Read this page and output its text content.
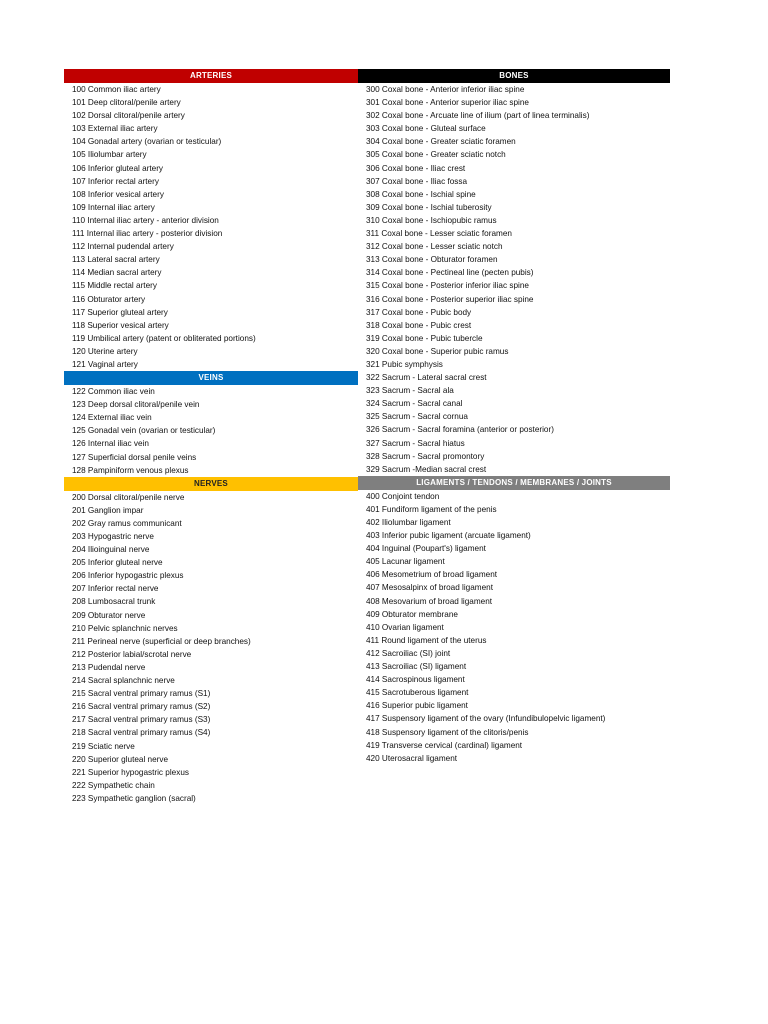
ARTERIES
100 Common iliac artery
101 Deep clitoral/penile artery
102 Dorsal clitoral/penile artery
103 External iliac artery
104 Gonadal artery (ovarian or testicular)
105 Iliolumbar artery
106 Inferior gluteal artery
107 Inferior rectal artery
108 Inferior vesical artery
109 Internal iliac artery
110 Internal iliac artery - anterior division
111 Internal iliac artery - posterior division
112 Internal pudendal artery
113 Lateral sacral artery
114 Median sacral artery
115 Middle rectal artery
116 Obturator artery
117 Superior gluteal artery
118 Superior vesical artery
119 Umbilical artery (patent or obliterated portions)
120 Uterine artery
121 Vaginal artery
VEINS
122 Common iliac vein
123 Deep dorsal clitoral/penile vein
124 External iliac vein
125 Gonadal vein (ovarian or testicular)
126 Internal iliac vein
127 Superficial dorsal penile veins
128 Pampiniform venous plexus
NERVES
200 Dorsal clitoral/penile nerve
201 Ganglion impar
202 Gray ramus communicant
203 Hypogastric nerve
204 Ilioinguinal nerve
205 Inferior gluteal nerve
206 Inferior hypogastric plexus
207 Inferior rectal nerve
208 Lumbosacral trunk
209 Obturator nerve
210 Pelvic splanchnic nerves
211 Perineal nerve (superficial or deep branches)
212 Posterior labial/scrotal nerve
213 Pudendal nerve
214 Sacral splanchnic nerve
215 Sacral ventral primary ramus (S1)
216 Sacral ventral primary ramus (S2)
217 Sacral ventral primary ramus (S3)
218 Sacral ventral primary ramus (S4)
219 Sciatic nerve
220 Superior gluteal nerve
221 Superior hypogastric plexus
222 Sympathetic chain
223 Sympathetic ganglion (sacral)
BONES
300 Coxal bone - Anterior inferior iliac spine
301 Coxal bone - Anterior superior iliac spine
302 Coxal bone - Arcuate line of ilium (part of linea terminalis)
303 Coxal bone - Gluteal surface
304 Coxal bone - Greater sciatic foramen
305 Coxal bone - Greater sciatic notch
306 Coxal bone - Iliac crest
307 Coxal bone - Iliac fossa
308 Coxal bone - Ischial spine
309 Coxal bone - Ischial tuberosity
310 Coxal bone - Ischiopubic ramus
311 Coxal bone - Lesser sciatic foramen
312 Coxal bone - Lesser sciatic notch
313 Coxal bone - Obturator foramen
314 Coxal bone - Pectineal line (pecten pubis)
315 Coxal bone - Posterior inferior iliac spine
316 Coxal bone - Posterior superior iliac spine
317 Coxal bone - Pubic body
318 Coxal bone - Pubic crest
319 Coxal bone - Pubic tubercle
320 Coxal bone - Superior pubic ramus
321 Pubic symphysis
322 Sacrum - Lateral sacral crest
323 Sacrum - Sacral ala
324 Sacrum - Sacral canal
325 Sacrum - Sacral cornua
326 Sacrum - Sacral foramina (anterior or posterior)
327 Sacrum - Sacral hiatus
328 Sacrum - Sacral promontory
329 Sacrum -Median sacral crest
LIGAMENTS / TENDONS / MEMBRANES / JOINTS
400 Conjoint tendon
401 Fundiform ligament of the penis
402 Iliolumbar ligament
403 Inferior pubic ligament (arcuate ligament)
404 Inguinal (Poupart's) ligament
405 Lacunar ligament
406 Mesometrium of broad ligament
407 Mesosalpinx of broad ligament
408 Mesovarium of broad ligament
409 Obturator membrane
410 Ovarian ligament
411 Round ligament of the uterus
412 Sacroiliac (SI) joint
413 Sacroiliac (SI) ligament
414 Sacrospinous ligament
415 Sacrotuberous ligament
416 Superior pubic ligament
417 Suspensory ligament of the ovary (Infundibulopelvic ligament)
418 Suspensory ligament of the clitoris/penis
419 Transverse cervical (cardinal) ligament
420 Uterosacral ligament
